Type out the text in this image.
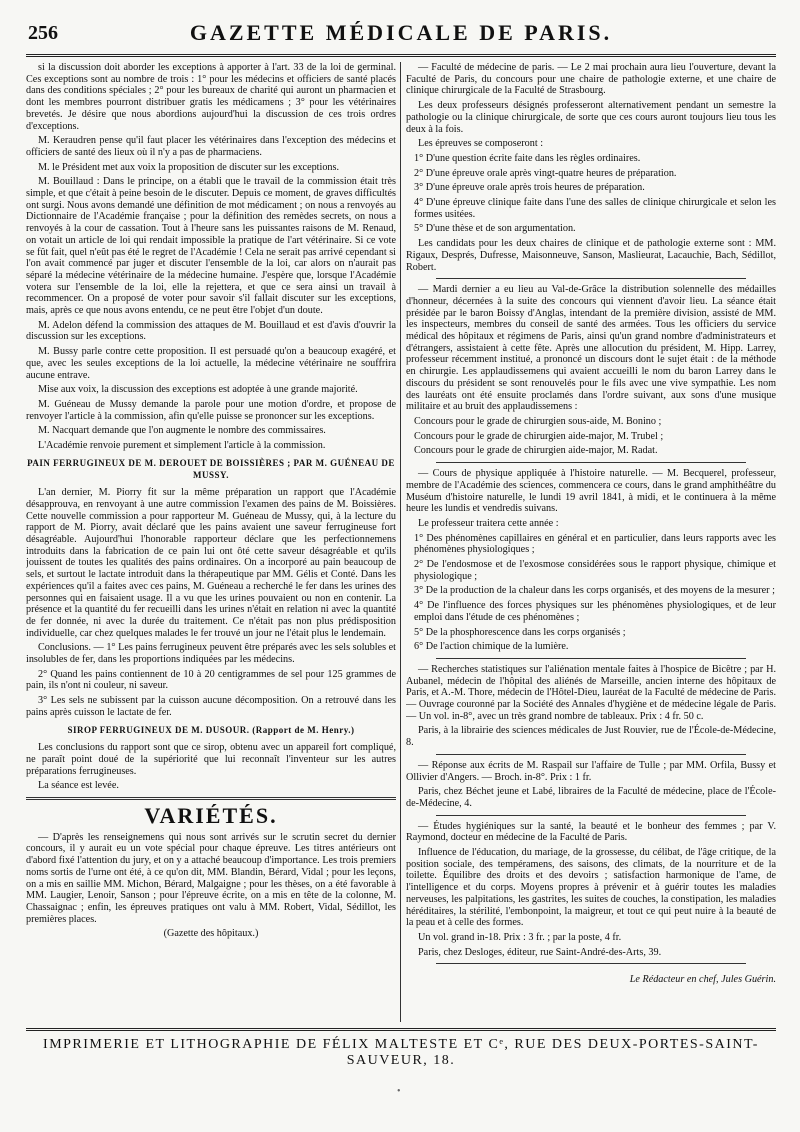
256	GAZETTE MÉDICALE DE PARIS.

si la discussion doit aborder les exceptions à apporter à l'art. 33 de la loi de germinal. Ces exceptions sont au nombre de trois : 1° pour les médecins et officiers de santé placés dans des conditions spéciales ; 2° pour les bureaux de charité qui auront un pharmacien et dont les membres pourront distribuer gratis les médicamens ; 3° pour les vétérinaires brevetés. Je désire que nous abordions aujourd'hui la discussion de ces trois ordres d'exceptions.

M. Keraudren pense qu'il faut placer les vétérinaires dans l'exception des médecins et officiers de santé des lieux où il n'y a pas de pharmaciens.

M. le Président met aux voix la proposition de discuter sur les exceptions.

M. Bouillaud : Dans le principe, on a établi que le travail de la commission était très simple, et que c'était à peine besoin de le discuter. Depuis ce moment, de graves difficultés ont surgi. Nous avons demandé une définition de mot médicament ; on nous a renvoyés au Dictionnaire de l'Académie française ; pour la définition des remèdes secrets, on nous a renvoyés à la cour de cassation. Tout à l'heure sans les puissantes raisons de M. Renaud, on votait un article de loi qui rendait impossible la pratique de l'art vétérinaire. Si ce vote se fût fait, quel n'eût pas été le regret de l'Académie ! Cela ne serait pas arrivé cependant si l'on avait commencé par juger et discuter l'ensemble de la loi, car alors on n'aurait pas séparé la médecine vétérinaire de la médecine humaine. J'espère que, lorsque l'Académie votera sur l'ensemble de la loi, elle la rejettera, et que ce sera ainsi un travail à recommencer. On a proposé de voter pour savoir s'il fallait discuter sur les exceptions, mais, après ce que nous avons entendu, ce ne peut être l'objet d'un doute.

M. Adelon défend la commission des attaques de M. Bouillaud et est d'avis d'ouvrir la discussion sur les exceptions.

M. Bussy parle contre cette proposition. Il est persuadé qu'on a beaucoup exagéré, et que, avec les seules exceptions de la loi actuelle, la médecine vétérinaire ne souffrira aucune entrave.

Mise aux voix, la discussion des exceptions est adoptée à une grande majorité.

M. Guéneau de Mussy demande la parole pour une motion d'ordre, et propose de renvoyer l'article à la commission, afin qu'elle puisse se prononcer sur les exceptions.

M. Nacquart demande que l'on augmente le nombre des commissaires.

L'Académie renvoie purement et simplement l'article à la commission.

PAIN FERRUGINEUX DE M. DEROUET DE BOISSIÈRES ; PAR M. GUÉNEAU DE MUSSY.

L'an dernier, M. Piorry fit sur la même préparation un rapport que l'Académie désapprouva, en renvoyant à une autre commission l'examen des pains de M. Boissières. Cette nouvelle commission a pour rapporteur M. Guéneau de Mussy, qui, à la lecture du rapport de M. Piorry, avait déclaré que les pains avaient une saveur ferrugineuse fort désagréable. Aujourd'hui l'honorable rapporteur déclare que les perfectionnemens introduits dans la fabrication de ce pain lui ont ôté cette saveur désagréable et qu'ils jouissent de toutes les qualités des pains ordinaires. On a incorporé au pain beaucoup de sels, et surtout le lactate introduit dans la thérapeutique par MM. Gélis et Conté. Dans les expériences qu'il a faites avec ces pains, M. Guéneau a recherché le fer dans les urines des personnes qui en faisaient usage. Il a vu que les urines pouvaient ou non en contenir. La présence et la quantité du fer recueilli dans les urines n'était en relation ni avec la quantité de fer donnée, ni avec la durée du traitement. Ce n'était pas non plus prédisposition individuelle, car chez quelques malades le fer trouvé un jour ne l'était plus le lendemain.

Conclusions. — 1° Les pains ferrugineux peuvent être préparés avec les sels solubles et insolubles de fer, dans les proportions indiquées par les médecins.

2° Quand les pains contiennent de 10 à 20 centigrammes de sel pour 125 grammes de pain, ils n'ont ni couleur, ni saveur.

3° Les sels ne subissent par la cuisson aucune décomposition. On a retrouvé dans les pains après cuisson le lactate de fer.

SIROP FERRUGINEUX DE M. DUSOUR. (Rapport de M. Henry.)

Les conclusions du rapport sont que ce sirop, obtenu avec un appareil fort compliqué, ne paraît point doué de la supériorité que lui reconnaît l'inventeur sur les autres préparations ferrugineuses.

La séance est levée.

VARIÉTÉS.

— D'après les renseignemens qui nous sont arrivés sur le scrutin secret du dernier concours, il y aurait eu un vote spécial pour chaque épreuve. Les titres antérieurs ont d'abord fixé l'attention du jury, et on y a attaché beaucoup d'importance. Les trois premiers noms sortis de l'urne ont été, à ce qu'on dit, MM. Blandin, Bérard, Vidal ; pour les leçons, on a mis en saillie MM. Michon, Bérard, Malgaigne ; pour les thèses, on a été favorable à MM. Laugier, Lenoir, Sanson ; pour l'épreuve écrite, on a mis en tête de la colonne, M. Chassaignac ; enfin, les épreuves pratiques ont valu à MM. Robert, Vidal, Sédillot, les premières places.

(Gazette des hôpitaux.)

— Faculté de médecine de paris. — Le 2 mai prochain aura lieu l'ouverture, devant la Faculté de Paris, du concours pour une chaire de pathologie externe, et une chaire de clinique chirurgicale de la Faculté de Strasbourg.

Les deux professeurs désignés professeront alternativement pendant un semestre la pathologie ou la clinique chirurgicale, de sorte que ces cours auront toujours lieu tous les deux à la fois.

Les épreuves se composeront :

1° D'une question écrite faite dans les règles ordinaires.

2° D'une épreuve orale après vingt-quatre heures de préparation.

3° D'une épreuve orale après trois heures de préparation.

4° D'une épreuve clinique faite dans l'une des salles de clinique chirurgicale et selon les formes usitées.

5° D'une thèse et de son argumentation.

Les candidats pour les deux chaires de clinique et de pathologie externe sont : MM. Rigaux, Després, Dufresse, Maisonneuve, Sanson, Maslieurat, Lacauchie, Bach, Sédillot, Robert.

— Mardi dernier a eu lieu au Val-de-Grâce la distribution solennelle des médailles d'honneur, décernées à la suite des concours qui viennent d'avoir lieu. La séance était présidée par le baron Boissy d'Anglas, intendant de la première division, assisté de MM. les inspecteurs, membres du conseil de santé des armées. Tous les officiers du service médical des hôpitaux et régimens de Paris, ainsi qu'un grand nombre d'administrateurs et d'étrangers, assistaient à cette fête. Après une allocution du président, M. Hipp. Larrey, professeur récemment institué, a prononcé un discours dont le sujet était : de la méthode en chirurgie. Les applaudissemens qui avaient accueilli le nom du baron Larrey dans le discours du président se sont renouvelés pour le fils avec une vive sympathie. Les nom des lauréats ont été ensuite proclamés dans l'ordre suivant, aux sons d'une musique militaire et au bruit des applaudissemens :

Concours pour le grade de chirurgien sous-aide, M. Bonino ;

Concours pour le grade de chirurgien aide-major, M. Trubel ;

Concours pour le grade de chirurgien aide-major, M. Radat.

— Cours de physique appliquée à l'histoire naturelle. — M. Becquerel, professeur, membre de l'Académie des sciences, commencera ce cours, dans le grand amphithéâtre du Muséum d'histoire naturelle, le lundi 19 avril 1841, à midi, et le continuera à la même heure les lundis et vendredis suivans.

Le professeur traitera cette année :

1° Des phénomènes capillaires en général et en particulier, dans leurs rapports avec les phénomènes physiologiques ;

2° De l'endosmose et de l'exosmose considérées sous le rapport physique, chimique et physiologique ;

3° De la production de la chaleur dans les corps organisés, et des moyens de la mesurer ;

4° De l'influence des forces physiques sur les phénomènes physiologiques, et de leur emploi dans l'étude de ces phénomènes ;

5° De la phosphorescence dans les corps organisés ;

6° De l'action chimique de la lumière.

— Recherches statistiques sur l'aliénation mentale faites à l'hospice de Bicêtre ; par H. Aubanel, médecin de l'hôpital des aliénés de Marseille, ancien interne des hôpitaux de Paris, et A.-M. Thore, médecin de l'Hôtel-Dieu, lauréat de la Faculté de médecine de Paris. — Ouvrage couronné par la Société des Annales d'hygiène et de médecine légale de Paris. — Un vol. in-8°, avec un très grand nombre de tableaux. Prix : 4 fr. 50 c.

Paris, à la librairie des sciences médicales de Just Rouvier, rue de l'École-de-Médecine, 8.

— Réponse aux écrits de M. Raspail sur l'affaire de Tulle ; par MM. Orfila, Bussy et Ollivier d'Angers. — Broch. in-8°. Prix : 1 fr.

Paris, chez Béchet jeune et Labé, libraires de la Faculté de médecine, place de l'École-de-Médecine, 4.

— Études hygiéniques sur la santé, la beauté et le bonheur des femmes ; par V. Raymond, docteur en médecine de la Faculté de Paris.

Influence de l'éducation, du mariage, de la grossesse, du célibat, de l'âge critique, de la position sociale, des tempéramens, des saisons, des climats, de la nourriture et de la toilette. Équilibre des droits et des devoirs ; satisfaction harmonique de l'ame, de l'intelligence et du corps. Moyens propres à prévenir et à guérir toutes les maladies nerveuses, les palpitations, les gastrites, les suites de couches, la constipation, les maladies héréditaires, la stérilité, l'embonpoint, la maigreur, et tout ce qui peut nuire à la beauté de la peau et à celle des formes.

Un vol. grand in-18. Prix : 3 fr. ; par la poste, 4 fr.

Paris, chez Desloges, éditeur, rue Saint-André-des-Arts, 39.

Le Rédacteur en chef, Jules Guérin.

IMPRIMERIE ET LITHOGRAPHIE DE FÉLIX MALTESTE ET Cᵉ, RUE DES DEUX-PORTES-SAINT-SAUVEUR, 18.
•
